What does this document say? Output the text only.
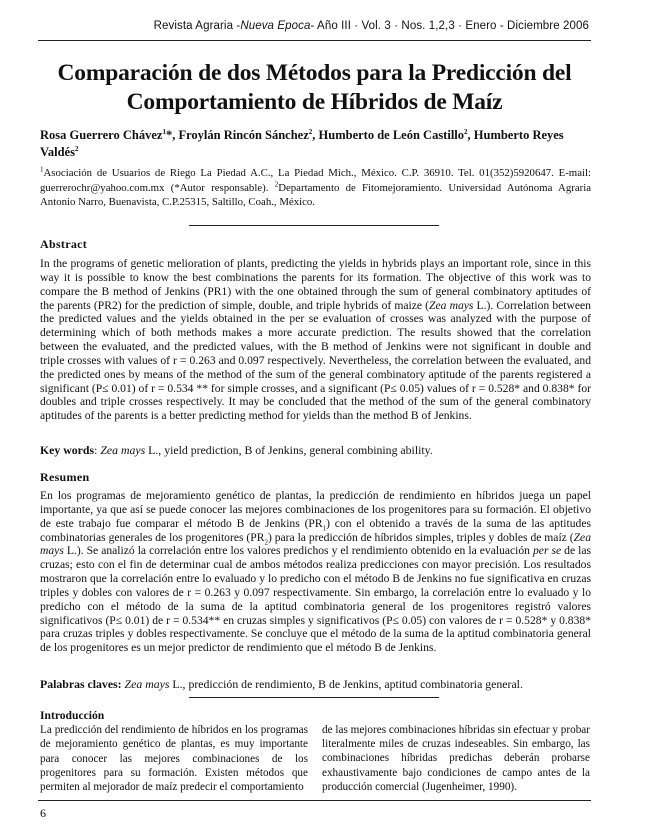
Revista Agraria -Nueva Epoca- Año III · Vol. 3 · Nos. 1,2,3 · Enero - Diciembre 2006
Comparación de dos Métodos para la Predicción del
Comportamiento de Híbridos de Maíz
Rosa Guerrero Chávez$^1$*, Froylán Rincón Sánchez$^2$, Humberto de León Castillo$^2$, Humberto Reyes Valdés$^2$
$^1$Asociación de Usuarios de Riego La Piedad A.C., La Piedad Mich., México. C.P. 36910. Tel. 01(352)5920647. E-mail: guerrerochr@yahoo.com.mx (*Autor responsable). $^2$Departamento de Fitomejoramiento. Universidad Autónoma Agraria Antonio Narro, Buenavista, C.P.25315, Saltillo, Coah., México.
Abstract
In the programs of genetic melioration of plants, predicting the yields in hybrids plays an important role, since in this way it is possible to know the best combinations the parents for its formation. The objective of this work was to compare the B method of Jenkins (PR1) with the one obtained through the sum of general combinatory aptitudes of the parents (PR2) for the prediction of simple, double, and triple hybrids of maize (Zea mays L.). Correlation between the predicted values and the yields obtained in the per se evaluation of crosses was analyzed with the purpose of determining which of both methods makes a more accurate prediction. The results showed that the correlation between the evaluated, and the predicted values, with the B method of Jenkins were not significant in double and triple crosses with values of r = 0.263 and 0.097 respectively. Nevertheless, the correlation between the evaluated, and the predicted ones by means of the method of the sum of the general combinatory aptitude of the parents registered a significant (P≤ 0.01) of r = 0.534 ** for simple crosses, and a significant (P≤ 0.05) values of r = 0.528* and 0.838* for doubles and triple crosses respectively. It may be concluded that the method of the sum of the general combinatory aptitudes of the parents is a better predicting method for yields than the method B of Jenkins.
Key words: Zea mays L., yield prediction, B of Jenkins, general combining ability.
Resumen
En los programas de mejoramiento genético de plantas, la predicción de rendimiento en híbridos juega un papel importante, ya que así se puede conocer las mejores combinaciones de los progenitores para su formación. El objetivo de este trabajo fue comparar el método B de Jenkins $(PR_1)$ con el obtenido a través de la suma de las aptitudes combinatorias generales de los progenitores $(PR_2)$ para la predicción de híbridos simples, triples y dobles de maíz (Zea mays L.). Se analizó la correlación entre los valores predichos y el rendimiento obtenido en la evaluación per se de las cruzas; esto con el fin de determinar cual de ambos métodos realiza predicciones con mayor precisión. Los resultados mostraron que la correlación entre lo evaluado y lo predicho con el método B de Jenkins no fue significativa en cruzas triples y dobles con valores de r = 0.263 y 0.097 respectivamente. Sin embargo, la correlación entre lo evaluado y lo predicho con el método de la suma de la aptitud combinatoria general de los progenitores registró valores significativos (P≤ 0.01) de r = 0.534** en cruzas simples y significativos (P≤ 0.05) con valores de r = 0.528* y 0.838* para cruzas triples y dobles respectivamente. Se concluye que el método de la suma de la aptitud combinatoria general de los progenitores es un mejor predictor de rendimiento que el método B de Jenkins.
Palabras claves: Zea mays L., predicción de rendimiento, B de Jenkins, aptitud combinatoria general.
Introducción
La predicción del rendimiento de híbridos en los programas de mejoramiento genético de plantas, es muy importante para conocer las mejores combinaciones de los progenitores para su formación. Existen métodos que permiten al mejorador de maíz predecir el comportamiento
de las mejores combinaciones híbridas sin efectuar y probar literalmente miles de cruzas indeseables. Sin embargo, las combinaciones híbridas predichas deberán probarse exhaustivamente bajo condiciones de campo antes de la producción comercial (Jugenheimer, 1990).
6
